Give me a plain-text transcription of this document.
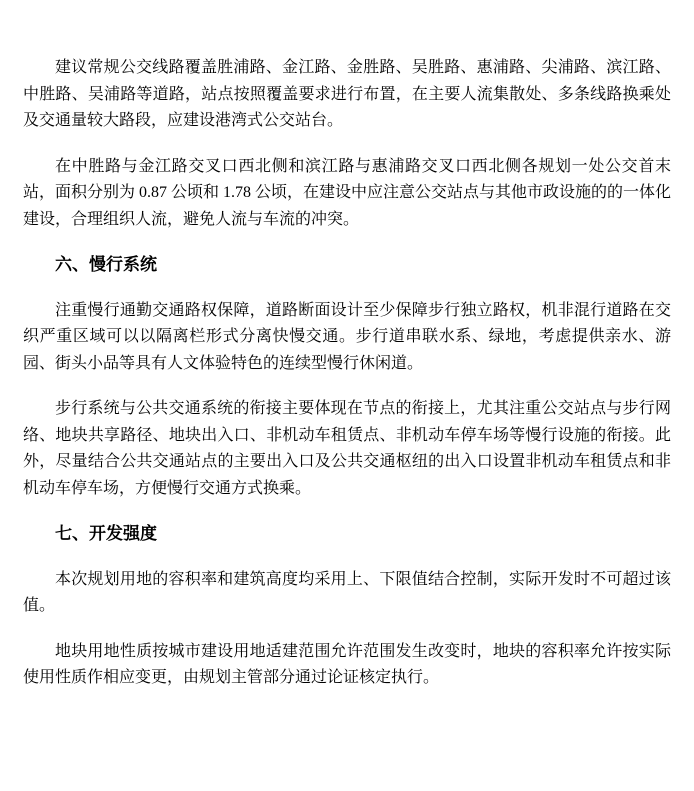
建议常规公交线路覆盖胜浦路、金江路、金胜路、吴胜路、惠浦路、尖浦路、滨江路、中胜路、吴浦路等道路，站点按照覆盖要求进行布置，在主要人流集散处、多条线路换乘处及交通量较大路段，应建设港湾式公交站台。

在中胜路与金江路交叉口西北侧和滨江路与惠浦路交叉口西北侧各规划一处公交首末站，面积分别为 0.87 公顷和 1.78 公顷，在建设中应注意公交站点与其他市政设施的的一体化建设，合理组织人流，避免人流与车流的冲突。

六、慢行系统

注重慢行通勤交通路权保障，道路断面设计至少保障步行独立路权，机非混行道路在交织严重区域可以以隔离栏形式分离快慢交通。步行道串联水系、绿地，考虑提供亲水、游园、街头小品等具有人文体验特色的连续型慢行休闲道。

步行系统与公共交通系统的衔接主要体现在节点的衔接上，尤其注重公交站点与步行网络、地块共享路径、地块出入口、非机动车租赁点、非机动车停车场等慢行设施的衔接。此外，尽量结合公共交通站点的主要出入口及公共交通枢纽的出入口设置非机动车租赁点和非机动车停车场，方便慢行交通方式换乘。

七、开发强度

本次规划用地的容积率和建筑高度均采用上、下限值结合控制，实际开发时不可超过该值。

地块用地性质按城市建设用地适建范围允许范围发生改变时，地块的容积率允许按实际使用性质作相应变更，由规划主管部分通过论证核定执行。
